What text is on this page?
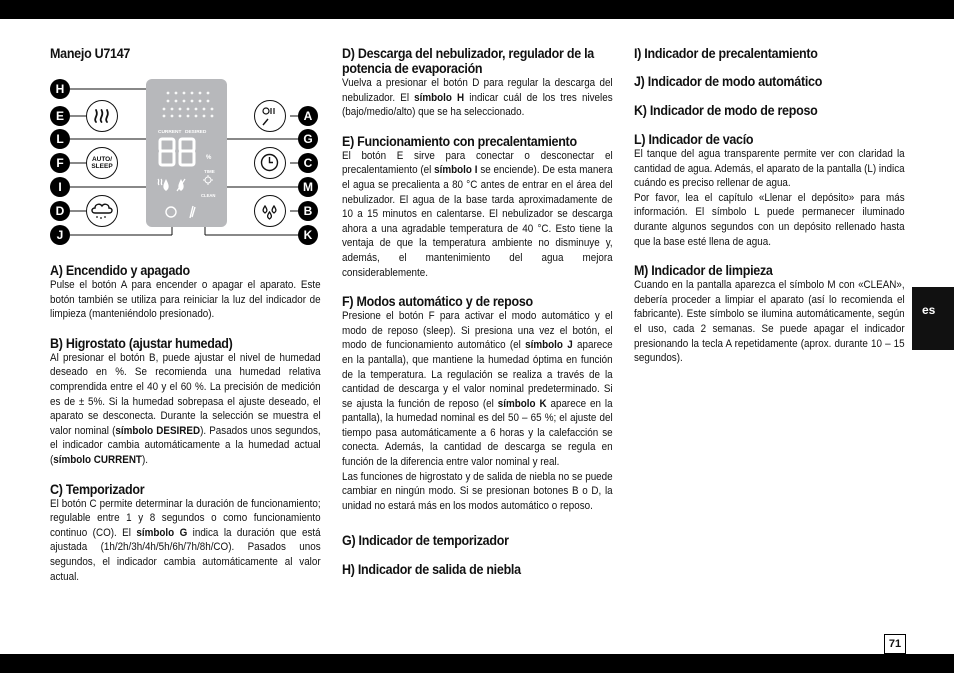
Manejo U7147
H
E
L
F
I
D
J
A
G
C
M
B
K
AUTO/
SLEEP
CURRENT DESIRED
%
TIME
CLEAN
A) Encendido y apagado

Pulse el botón A para encender o apagar el aparato. Este botón también se utiliza para reiniciar la luz del indicador de limpieza (manteniéndolo presionado).

B) Higrostato (ajustar humedad)

Al presionar el botón B, puede ajustar el nivel de humedad deseado en %. Se recomienda una humedad relativa comprendida entre el 40 y el 60 %. La precisión de medición es de ± 5%. Si la humedad sobrepasa el ajuste deseado, el aparato se desconecta. Durante la selección se muestra el valor nominal (símbolo DESIRED). Pasados unos segundos, el indicador cambia automáticamente a la humedad actual (símbolo CURRENT).

C) Temporizador

El botón C permite determinar la duración de funcionamiento; regulable entre 1 y 8 segundos o como funcionamiento continuo (CO). El símbolo G indica la duración que está ajustada (1h/2h/3h/4h/5h/6h/7h/8h/CO). Pasados unos segundos, el indicador cambia automáticamente al valor actual.

D) Descarga del nebulizador, regulador de la potencia de evaporación

Vuelva a presionar el botón D para regular la descarga del nebulizador. El símbolo H indicar cuál de los tres niveles (bajo/medio/alto) que se ha seleccionado.

E) Funcionamiento con precalentamiento

El botón E sirve para conectar o desconectar el precalentamiento (el símbolo I se enciende). De esta manera el agua se precalienta a 80 °C antes de entrar en el área del nebulizador. El agua de la base tarda aproximadamente de 10 a 15 minutos en calentarse. El nebulizador se descarga ahora a una agradable temperatura de 40 °C. Esto tiene la ventaja de que la temperatura ambiente no disminuye y, además, el mantenimiento del agua mejora considerablemente.

F) Modos automático y de reposo

Presione el botón F para activar el modo automático y el modo de reposo (sleep). Si presiona una vez el botón, el modo de funcionamiento automático (el símbolo J aparece en la pantalla), que mantiene la humedad óptima en función de la temperatura. La regulación se realiza a través de la cantidad de descarga y el valor nominal predeterminado. Si se ajusta la función de reposo (el símbolo K aparece en la pantalla), la humedad nominal es del 50 – 65 %; el ajuste del tiempo pasa automáticamente a 6 horas y la calefacción se conecta. Además, la cantidad de descarga se regula en función de la diferencia entre valor nominal y real.

Las funciones de higrostato y de salida de niebla no se puede cambiar en ningún modo. Si se presionan botones B o D, la unidad no estará más en los modos automático o reposo.

G) Indicador de temporizador
H) Indicador de salida de niebla
I) Indicador de precalentamiento
J) Indicador de modo automático
K) Indicador de modo de reposo
L) Indicador de vacío

El tanque del agua transparente permite ver con claridad la cantidad de agua. Además, el aparato de la pantalla (L) indica cuándo es preciso rellenar de agua.

Por favor, lea el capítulo «Llenar el depósito» para más información. El símbolo L puede permanecer iluminado durante algunos segundos con un depósito rellenado hasta que la base esté llena de agua.

M) Indicador de limpieza

Cuando en la pantalla aparezca el símbolo M con «CLEAN», debería proceder a limpiar el aparato (así lo recomienda el fabricante). Este símbolo se ilumina automáticamente, según el uso, cada 2 semanas. Se puede apagar el indicador presionando la tecla A repetidamente (aprox. durante 10 – 15 segundos).

es
71
